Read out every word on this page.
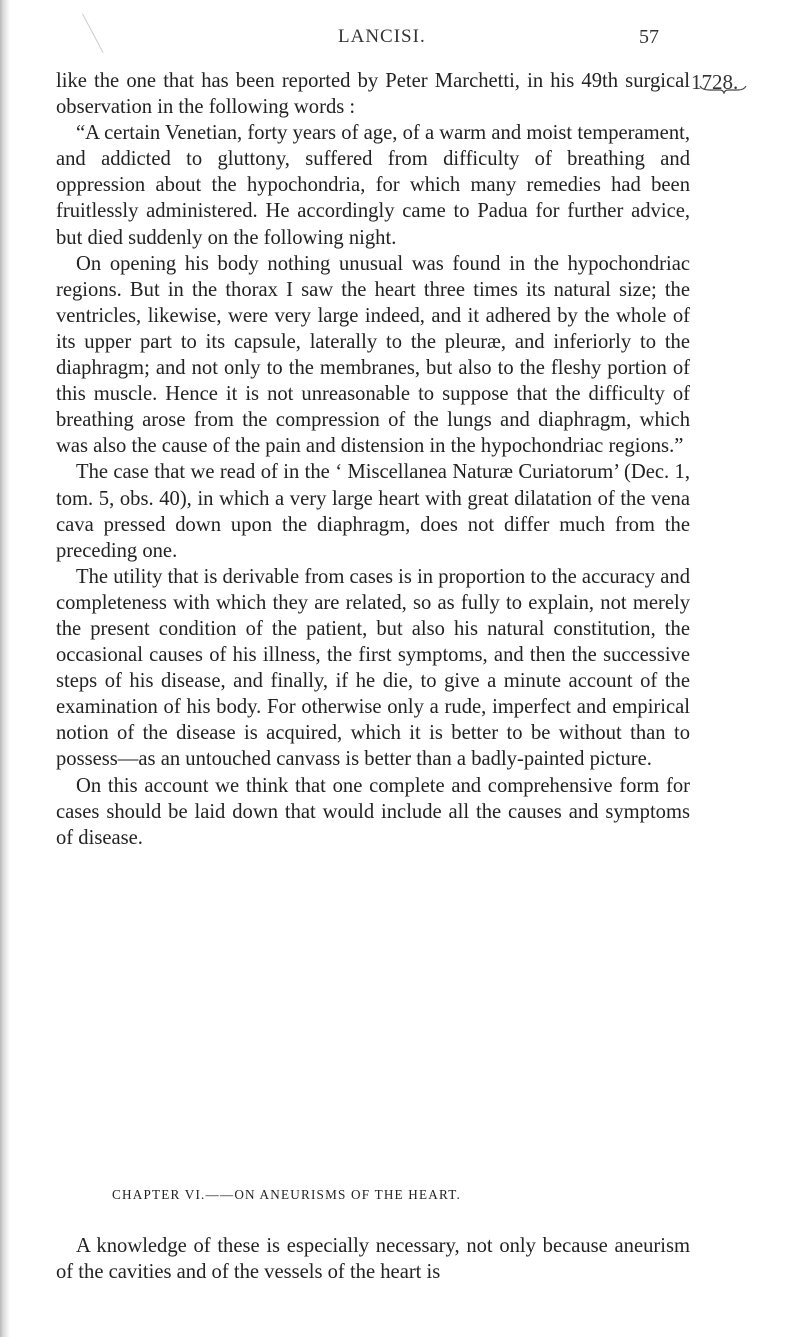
LANCISI.	57
1728.

like the one that has been reported by Peter Marchetti, in his 49th surgical observation in the following words :

“A certain Venetian, forty years of age, of a warm and moist temperament, and addicted to gluttony, suffered from difficulty of breathing and oppression about the hypochondria, for which many remedies had been fruitlessly administered. He accordingly came to Padua for further advice, but died suddenly on the following night.

On opening his body nothing unusual was found in the hypochondriac regions. But in the thorax I saw the heart three times its natural size; the ventricles, likewise, were very large indeed, and it adhered by the whole of its upper part to its capsule, laterally to the pleuræ, and inferiorly to the diaphragm; and not only to the membranes, but also to the fleshy portion of this muscle. Hence it is not unreasonable to suppose that the difficulty of breathing arose from the compression of the lungs and diaphragm, which was also the cause of the pain and distension in the hypochondriac regions.”

The case that we read of in the ‘ Miscellanea Naturæ Curiatorum’ (Dec. 1, tom. 5, obs. 40), in which a very large heart with great dilatation of the vena cava pressed down upon the diaphragm, does not differ much from the preceding one.

The utility that is derivable from cases is in proportion to the accuracy and completeness with which they are related, so as fully to explain, not merely the present condition of the patient, but also his natural constitution, the occasional causes of his illness, the first symptoms, and then the successive steps of his disease, and finally, if he die, to give a minute account of the examination of his body. For otherwise only a rude, imperfect and empirical notion of the disease is acquired, which it is better to be without than to possess—as an untouched canvass is better than a badly-painted picture.

On this account we think that one complete and comprehensive form for cases should be laid down that would include all the causes and symptoms of disease.

CHAPTER VI.——ON ANEURISMS OF THE HEART.

A knowledge of these is especially necessary, not only because aneurism of the cavities and of the vessels of the heart is
